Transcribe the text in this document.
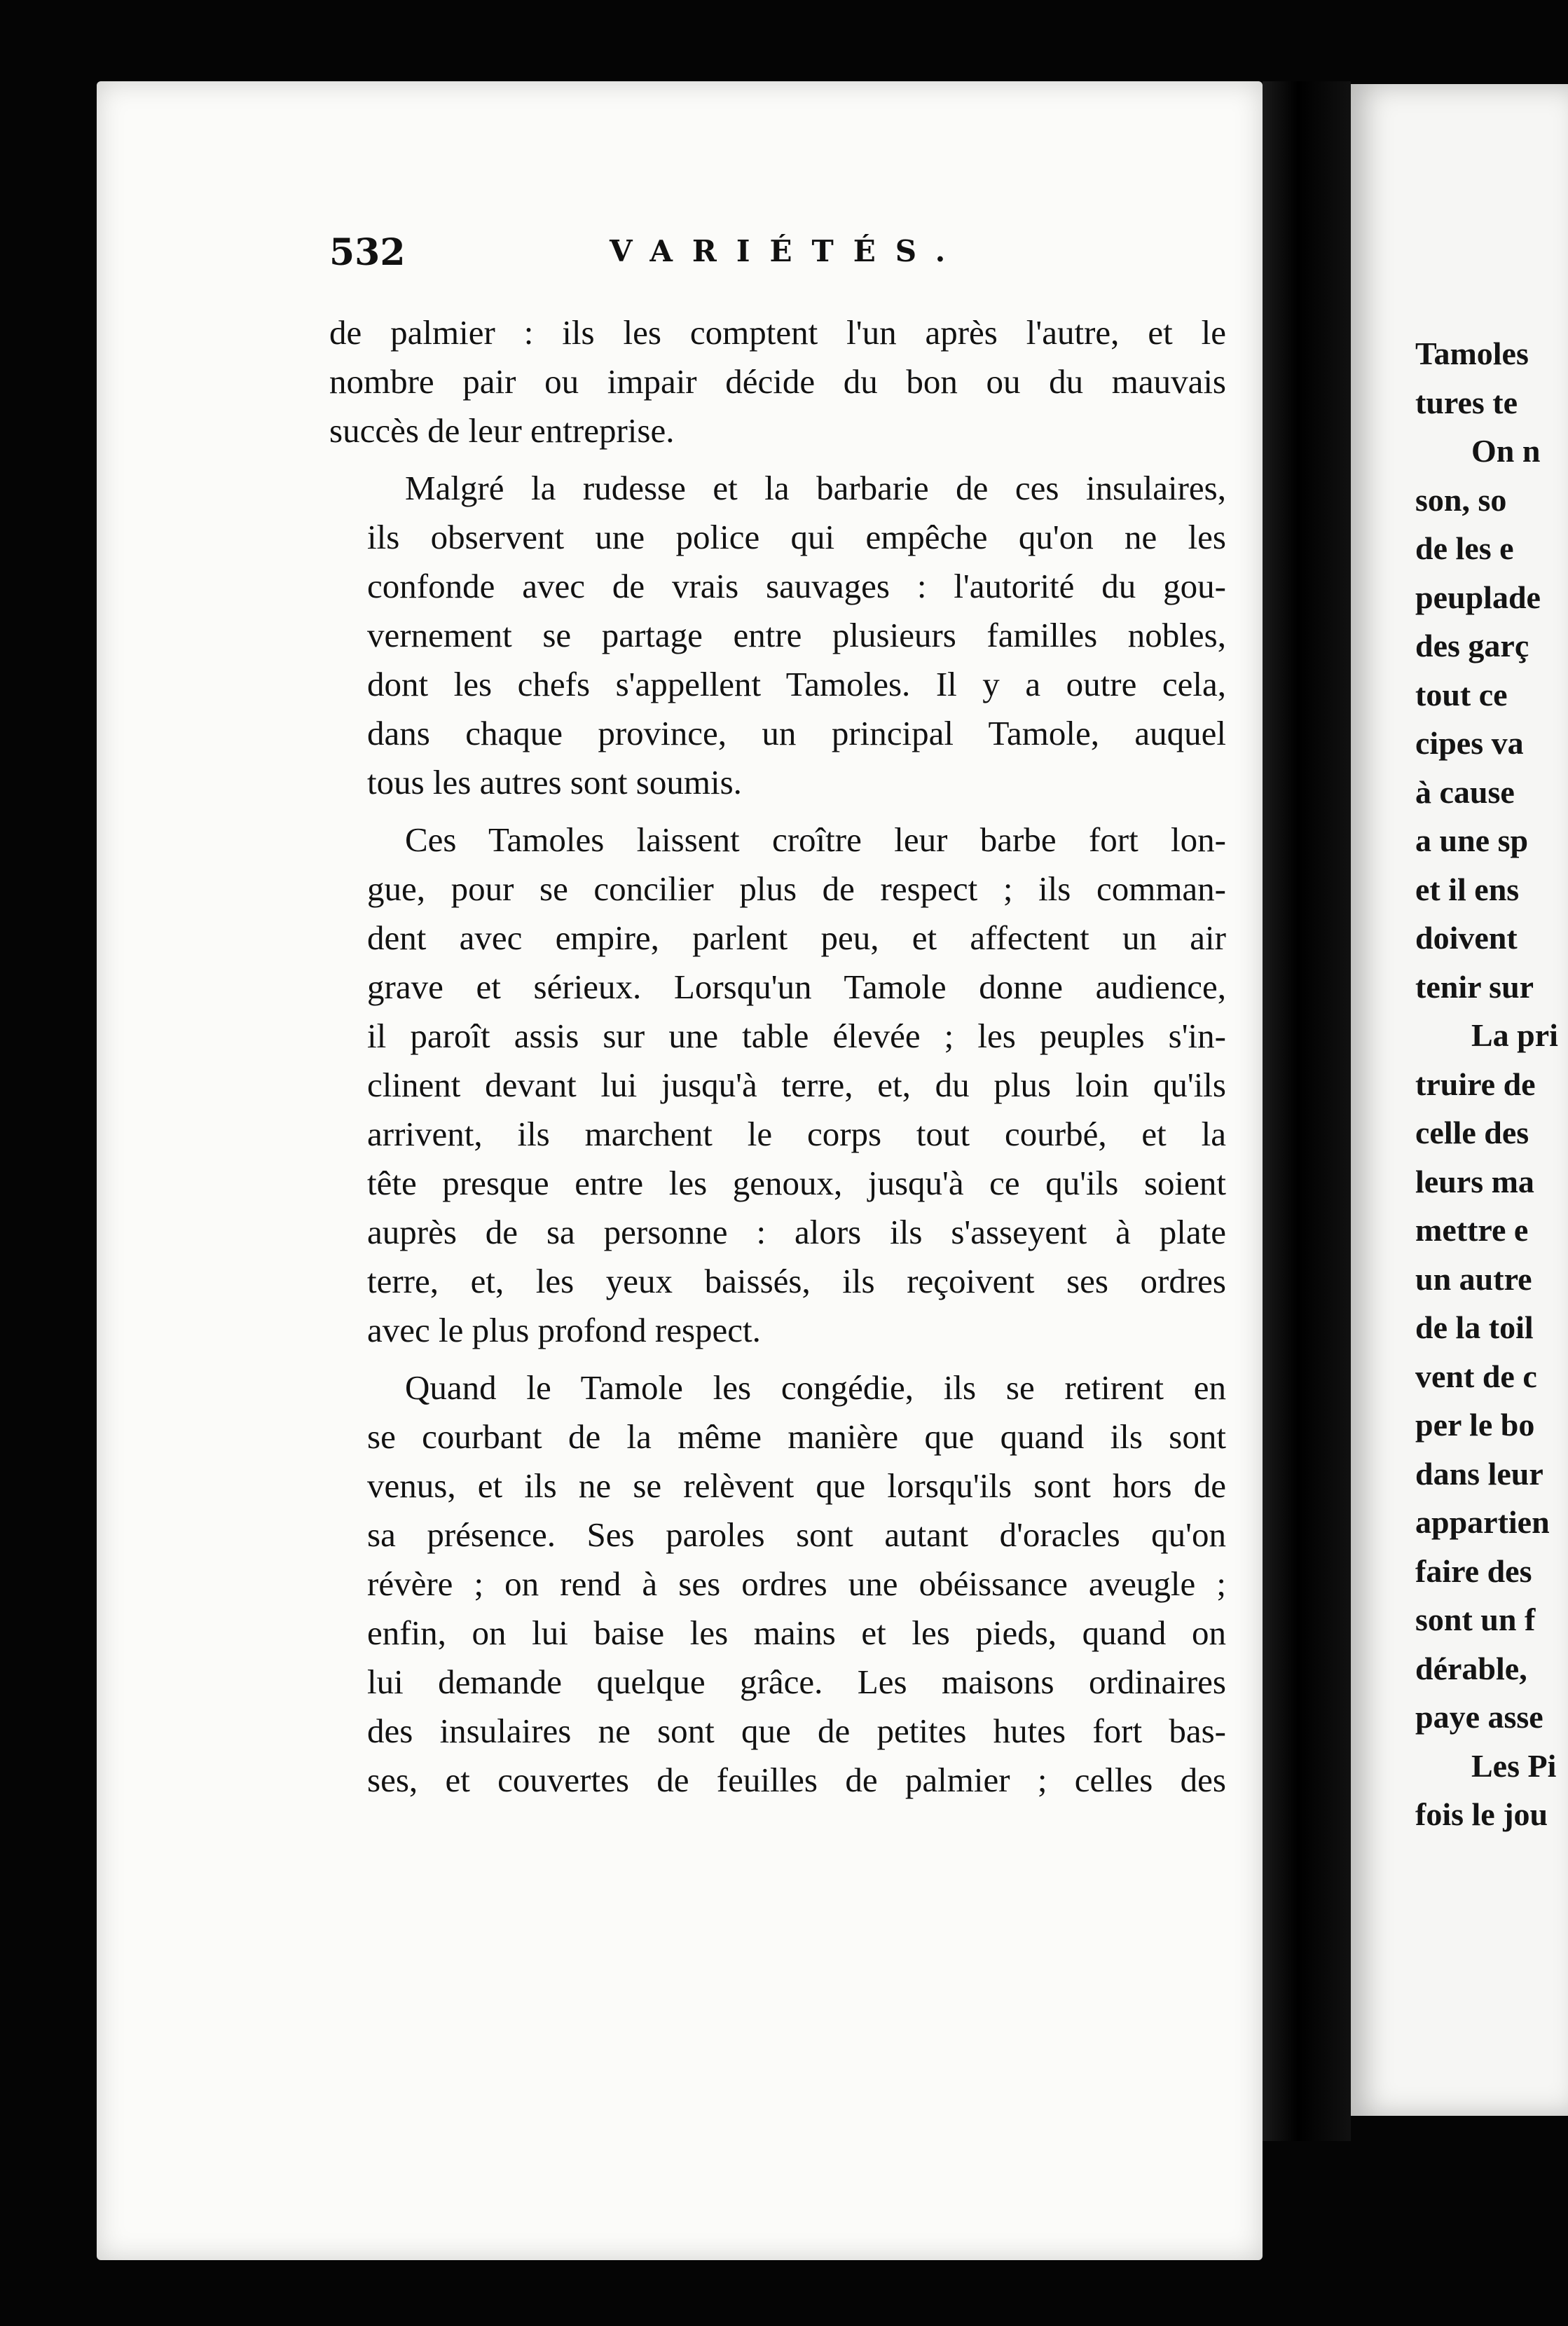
532	VARIÉTÉS.

de palmier : ils les comptent l'un après l'autre, et le
nombre pair ou impair décide du bon ou du mauvais
succès de leur entreprise.

Malgré la rudesse et la barbarie de ces insulaires,
ils observent une police qui empêche qu'on ne les
confonde avec de vrais sauvages : l'autorité du gou-
vernement se partage entre plusieurs familles nobles,
dont les chefs s'appellent Tamoles. Il y a outre cela,
dans chaque province, un principal Tamole, auquel
tous les autres sont soumis.

Ces Tamoles laissent croître leur barbe fort lon-
gue, pour se concilier plus de respect ; ils comman-
dent avec empire, parlent peu, et affectent un air
grave et sérieux. Lorsqu'un Tamole donne audience,
il paroît assis sur une table élevée ; les peuples s'in-
clinent devant lui jusqu'à terre, et, du plus loin qu'ils
arrivent, ils marchent le corps tout courbé, et la
tête presque entre les genoux, jusqu'à ce qu'ils soient
auprès de sa personne : alors ils s'asseyent à plate
terre, et, les yeux baissés, ils reçoivent ses ordres
avec le plus profond respect.

Quand le Tamole les congédie, ils se retirent en
se courbant de la même manière que quand ils sont
venus, et ils ne se relèvent que lorsqu'ils sont hors de
sa présence. Ses paroles sont autant d'oracles qu'on
révère ; on rend à ses ordres une obéissance aveugle ;
enfin, on lui baise les mains et les pieds, quand on
lui demande quelque grâce. Les maisons ordinaires
des insulaires ne sont que de petites hutes fort bas-
ses, et couvertes de feuilles de palmier ; celles des

Tamoles
tures te
On n
son, so
de les e
peuplade
des garç
tout ce
cipes va
à cause
a une sp
et il ens
doivent
tenir sur
La pri
truire de
celle des
leurs ma
mettre e
un autre
de la toil
vent de c
per le bo
dans leur
appartien
faire des
sont un f
dérable,
paye asse
Les Pi
fois le jou
